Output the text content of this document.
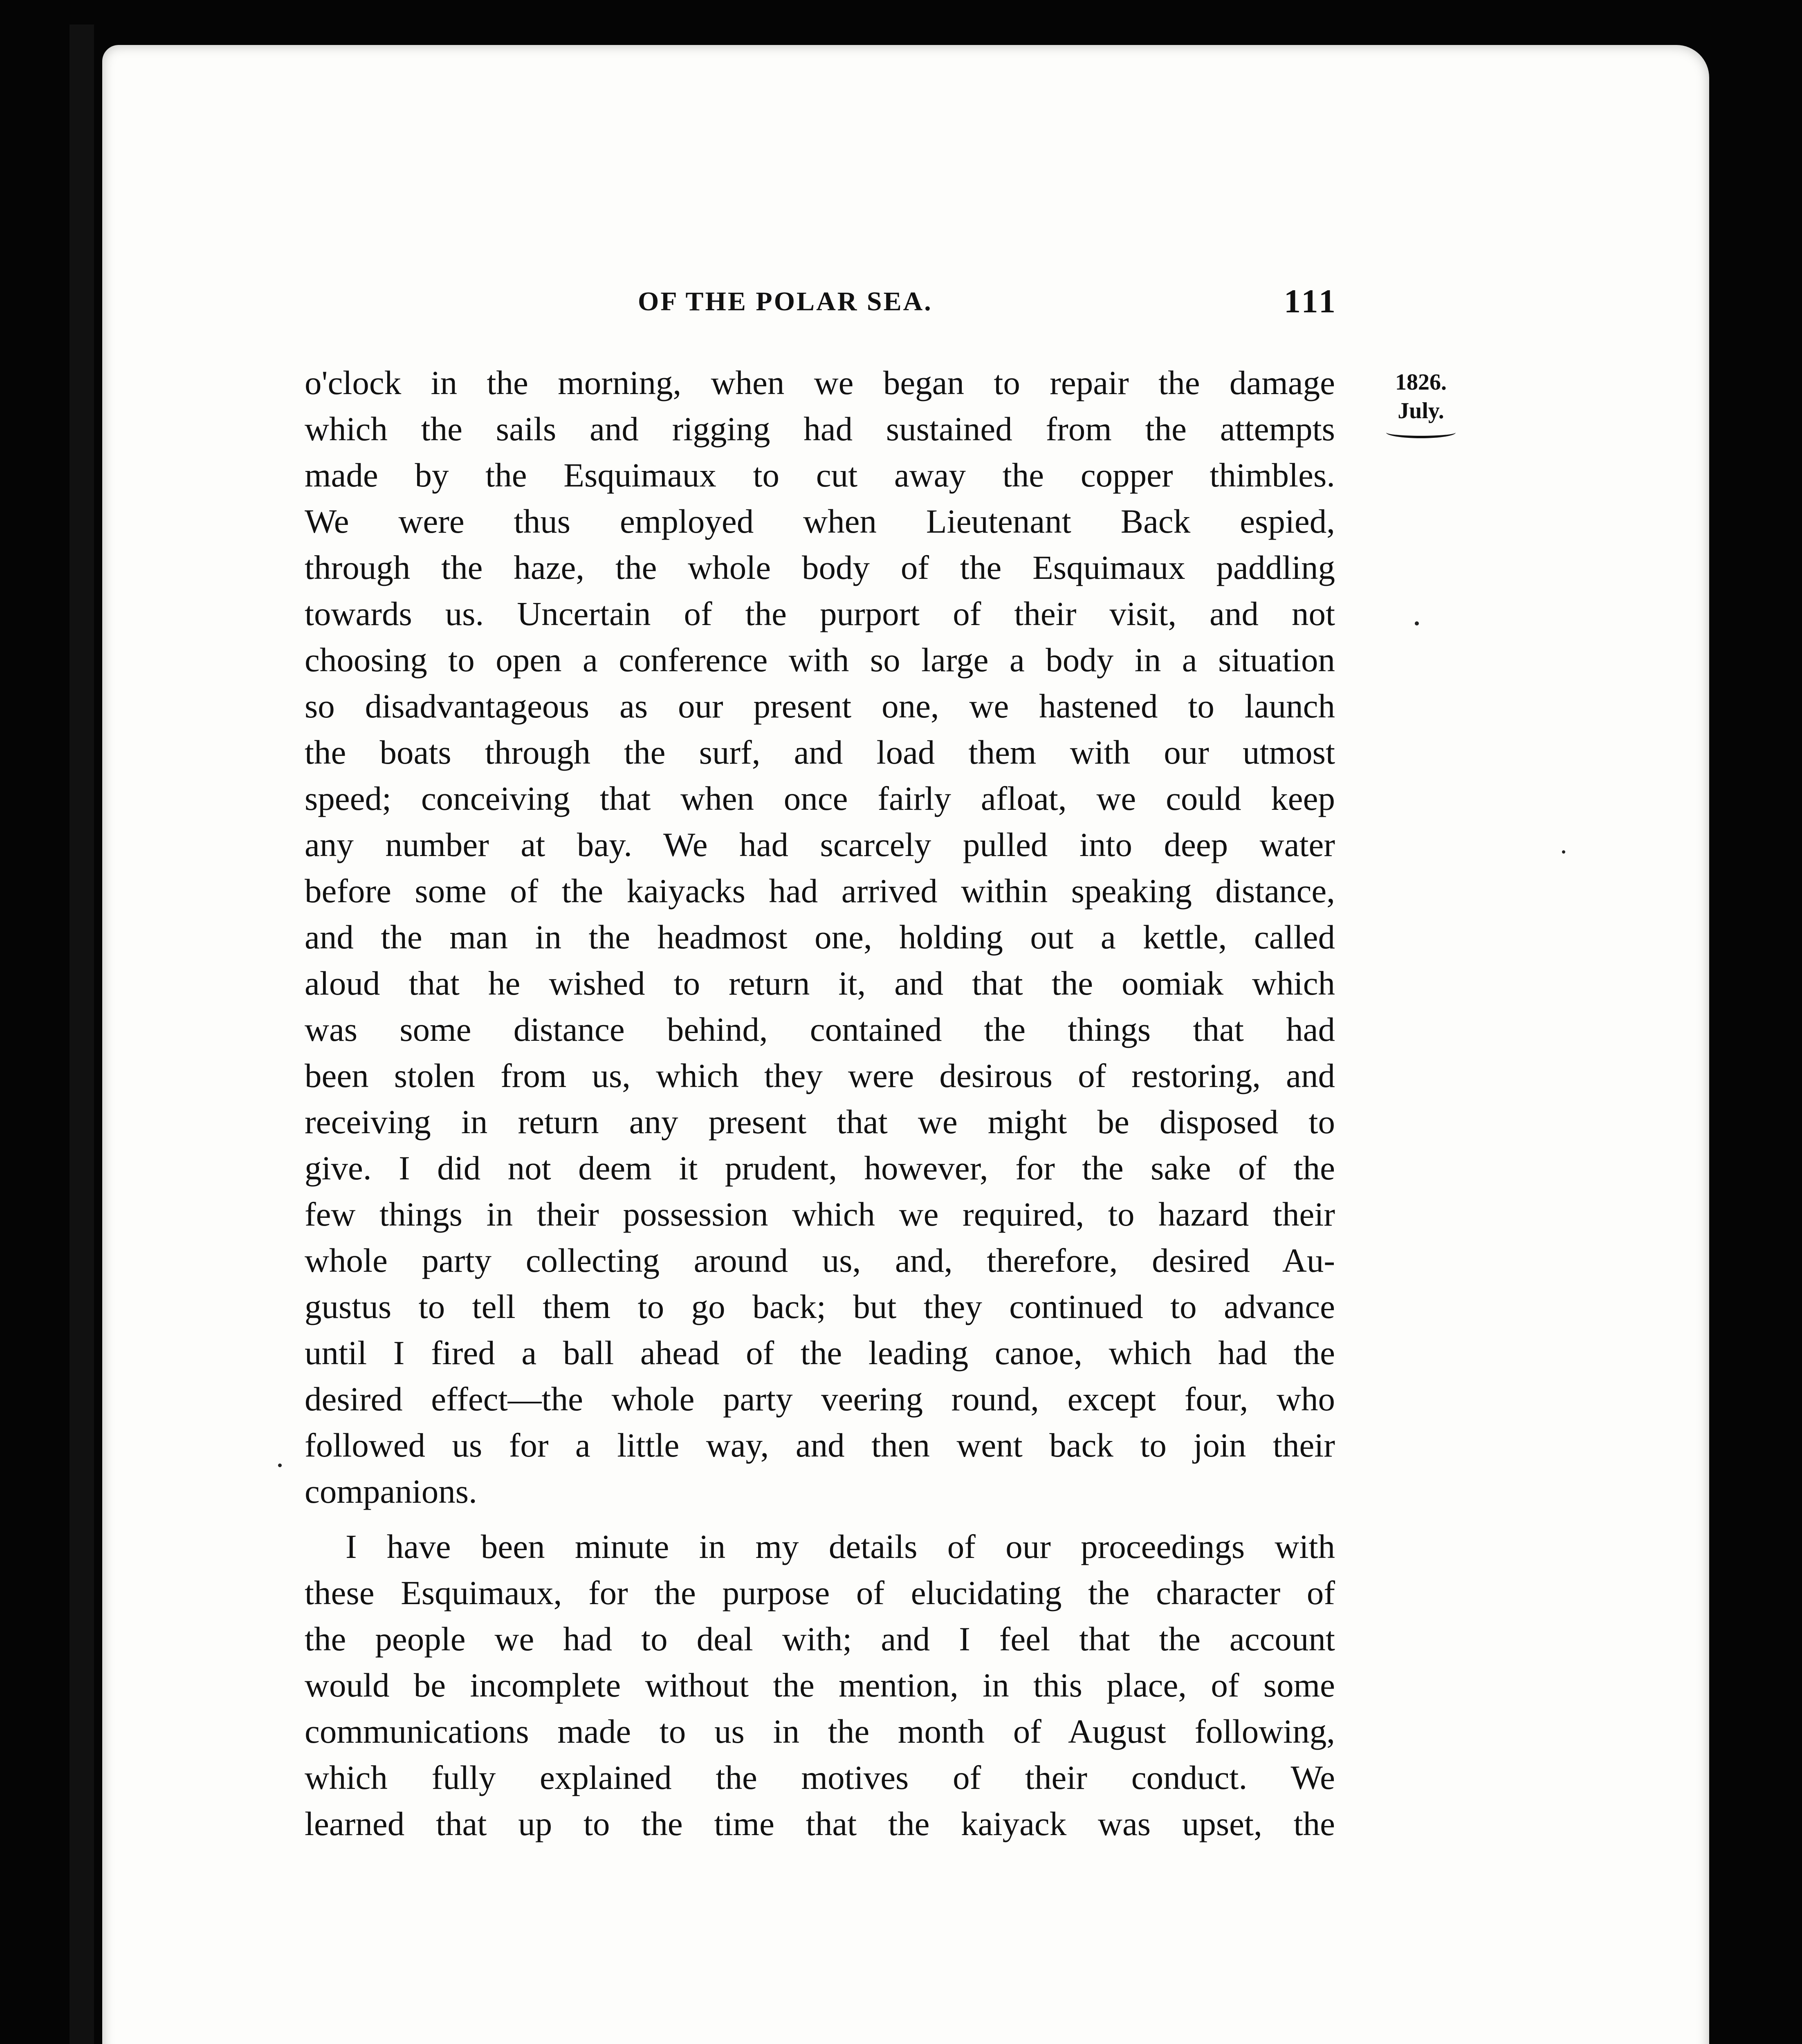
OF THE POLAR SEA.	111
1826.
July.
o'clock in the morning, when we began to repair the damage
which the sails and rigging had sustained from the attempts
made by the Esquimaux to cut away the copper thimbles.
We were thus employed when Lieutenant Back espied,
through the haze, the whole body of the Esquimaux paddling
towards us. Uncertain of the purport of their visit, and not
choosing to open a conference with so large a body in a situation
so disadvantageous as our present one, we hastened to launch
the boats through the surf, and load them with our utmost
speed; conceiving that when once fairly afloat, we could keep
any number at bay. We had scarcely pulled into deep water
before some of the kaiyacks had arrived within speaking distance,
and the man in the headmost one, holding out a kettle, called
aloud that he wished to return it, and that the oomiak which
was some distance behind, contained the things that had
been stolen from us, which they were desirous of restoring, and
receiving in return any present that we might be disposed to
give. I did not deem it prudent, however, for the sake of the
few things in their possession which we required, to hazard their
whole party collecting around us, and, therefore, desired Au-
gustus to tell them to go back; but they continued to advance
until I fired a ball ahead of the leading canoe, which had the
desired effect—the whole party veering round, except four, who
followed us for a little way, and then went back to join their
companions.
I have been minute in my details of our proceedings with
these Esquimaux, for the purpose of elucidating the character of
the people we had to deal with; and I feel that the account
would be incomplete without the mention, in this place, of some
communications made to us in the month of August following,
which fully explained the motives of their conduct. We
learned that up to the time that the kaiyack was upset, the
